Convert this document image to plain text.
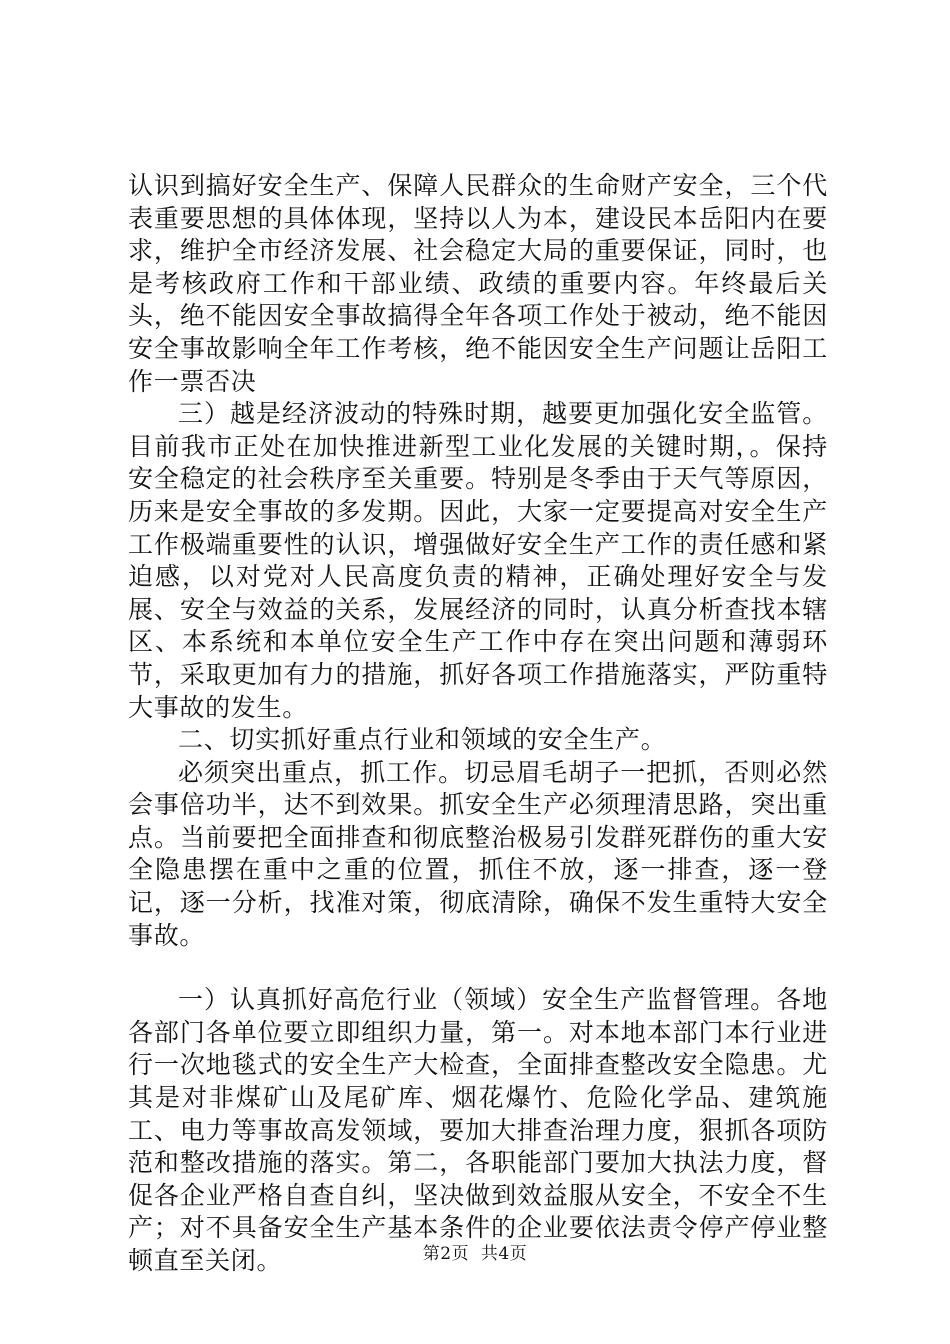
认识到搞好安全生产、保障人民群众的生命财产安全，三个代表重要思想的具体体现，坚持以人为本，建设民本岳阳内在要求，维护全市经济发展、社会稳定大局的重要保证，同时，也是考核政府工作和干部业绩、政绩的重要内容。年终最后关头，绝不能因安全事故搞得全年各项工作处于被动，绝不能因安全事故影响全年工作考核，绝不能因安全生产问题让岳阳工作一票否决

三）越是经济波动的特殊时期，越要更加强化安全监管。目前我市正处在加快推进新型工业化发展的关键时期，。保持安全稳定的社会秩序至关重要。特别是冬季由于天气等原因，历来是安全事故的多发期。因此，大家一定要提高对安全生产工作极端重要性的认识，增强做好安全生产工作的责任感和紧迫感，以对党对人民高度负责的精神，正确处理好安全与发展、安全与效益的关系，发展经济的同时，认真分析查找本辖区、本系统和本单位安全生产工作中存在突出问题和薄弱环节，采取更加有力的措施，抓好各项工作措施落实，严防重特大事故的发生。

二、切实抓好重点行业和领域的安全生产。

必须突出重点，抓工作。切忌眉毛胡子一把抓，否则必然会事倍功半，达不到效果。抓安全生产必须理清思路，突出重点。当前要把全面排查和彻底整治极易引发群死群伤的重大安全隐患摆在重中之重的位置，抓住不放，逐一排查，逐一登记，逐一分析，找准对策，彻底清除，确保不发生重特大安全事故。

一）认真抓好高危行业（领域）安全生产监督管理。各地各部门各单位要立即组织力量，第一。对本地本部门本行业进行一次地毯式的安全生产大检查，全面排查整改安全隐患。尤其是对非煤矿山及尾矿库、烟花爆竹、危险化学品、建筑施工、电力等事故高发领域，要加大排查治理力度，狠抓各项防范和整改措施的落实。第二，各职能部门要加大执法力度，督促各企业严格自查自纠，坚决做到效益服从安全，不安全不生产；对不具备安全生产基本条件的企业要依法责令停产停业整顿直至关闭。	第2页  共4页
